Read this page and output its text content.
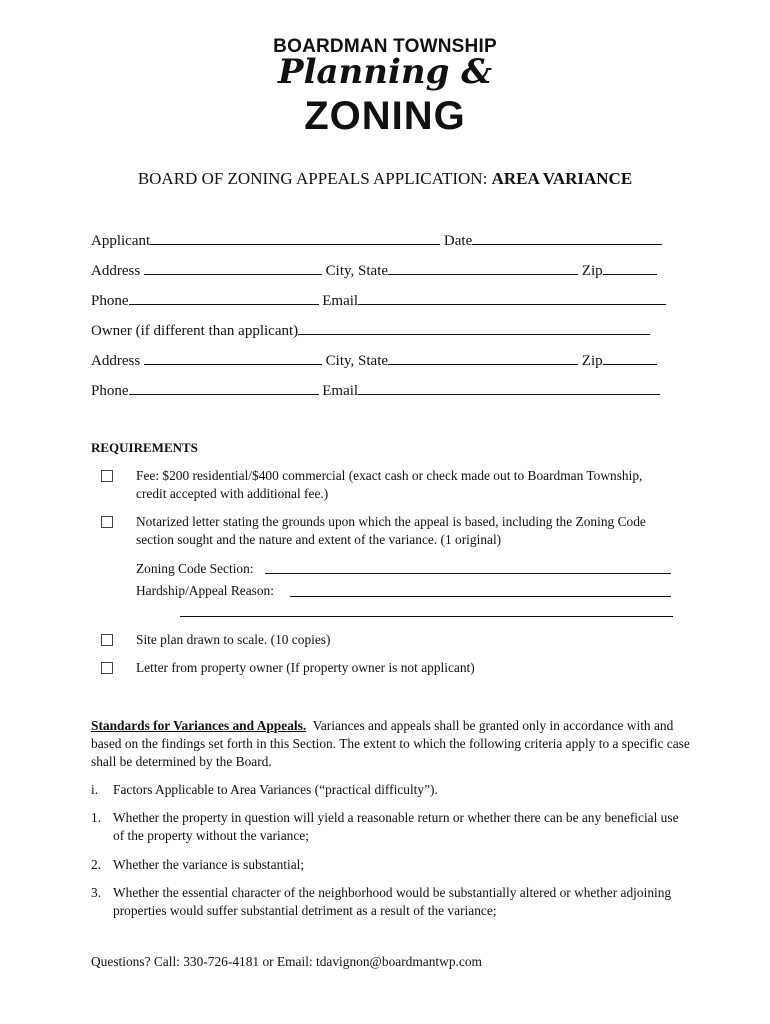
BOARDMAN TOWNSHIP
Planning &
ZONING
BOARD OF ZONING APPEALS APPLICATION: AREA VARIANCE
Applicant	Date
Address	City, State	Zip
Phone	Email
Owner (if different than applicant)
Address	City, State	Zip
Phone	Email
REQUIREMENTS
Fee: $200 residential/$400 commercial (exact cash or check made out to Boardman Township, credit accepted with additional fee.)
Notarized letter stating the grounds upon which the appeal is based, including the Zoning Code section sought and the nature and extent of the variance. (1 original)
Zoning Code Section:
Hardship/Appeal Reason:
Site plan drawn to scale. (10 copies)
Letter from property owner (If property owner is not applicant)
Standards for Variances and Appeals. Variances and appeals shall be granted only in accordance with and based on the findings set forth in this Section. The extent to which the following criteria apply to a specific case shall be determined by the Board.
i. Factors Applicable to Area Variances (“practical difficulty”).
1. Whether the property in question will yield a reasonable return or whether there can be any beneficial use of the property without the variance;
2. Whether the variance is substantial;
3. Whether the essential character of the neighborhood would be substantially altered or whether adjoining properties would suffer substantial detriment as a result of the variance;
Questions? Call: 330-726-4181 or Email: tdavignon@boardmantwp.com
